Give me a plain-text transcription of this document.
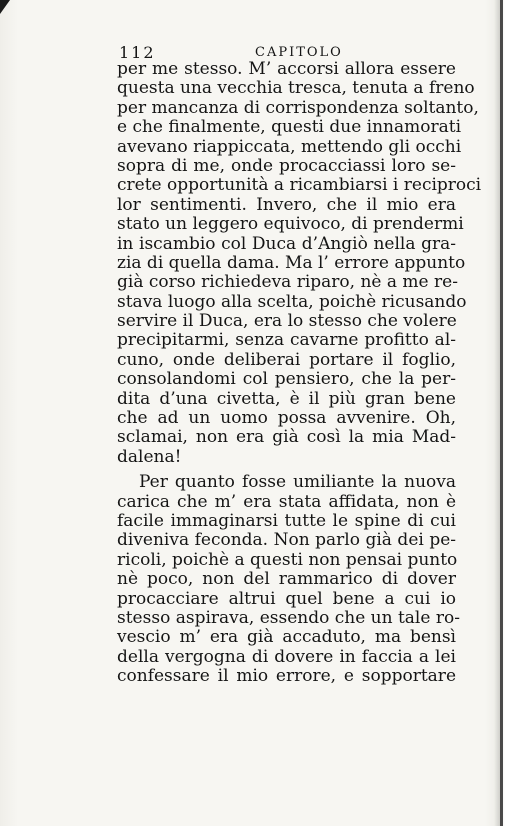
112	CAPITOLO
per me stesso. M’ accorsi allora essere
questa una vecchia tresca, tenuta a freno
per mancanza di corrispondenza soltanto,
e che finalmente, questi due innamorati
avevano riappiccata, mettendo gli occhi
sopra di me, onde procacciassi loro se-
crete opportunità a ricambiarsi i reciproci
lor sentimenti. Invero, che il mio era
stato un leggero equivoco, di prendermi
in iscambio col Duca d’Angiò nella gra-
zia di quella dama. Ma l’ errore appunto
già corso richiedeva riparo, nè a me re-
stava luogo alla scelta, poichè ricusando
servire il Duca, era lo stesso che volere
precipitarmi, senza cavarne profitto al-
cuno, onde deliberai portare il foglio,
consolandomi col pensiero, che la per-
dita d’una civetta, è il più gran bene
che ad un uomo possa avvenire. Oh,
sclamai, non era già così la mia Mad-
dalena!
Per quanto fosse umiliante la nuova
carica che m’ era stata affidata, non è
facile immaginarsi tutte le spine di cui
diveniva feconda. Non parlo già dei pe-
ricoli, poichè a questi non pensai punto
nè poco, non del rammarico di dover
procacciare altrui quel bene a cui io
stesso aspirava, essendo che un tale ro-
vescio m’ era già accaduto, ma bensì
della vergogna di dovere in faccia a lei
confessare il mio errore, e sopportare
